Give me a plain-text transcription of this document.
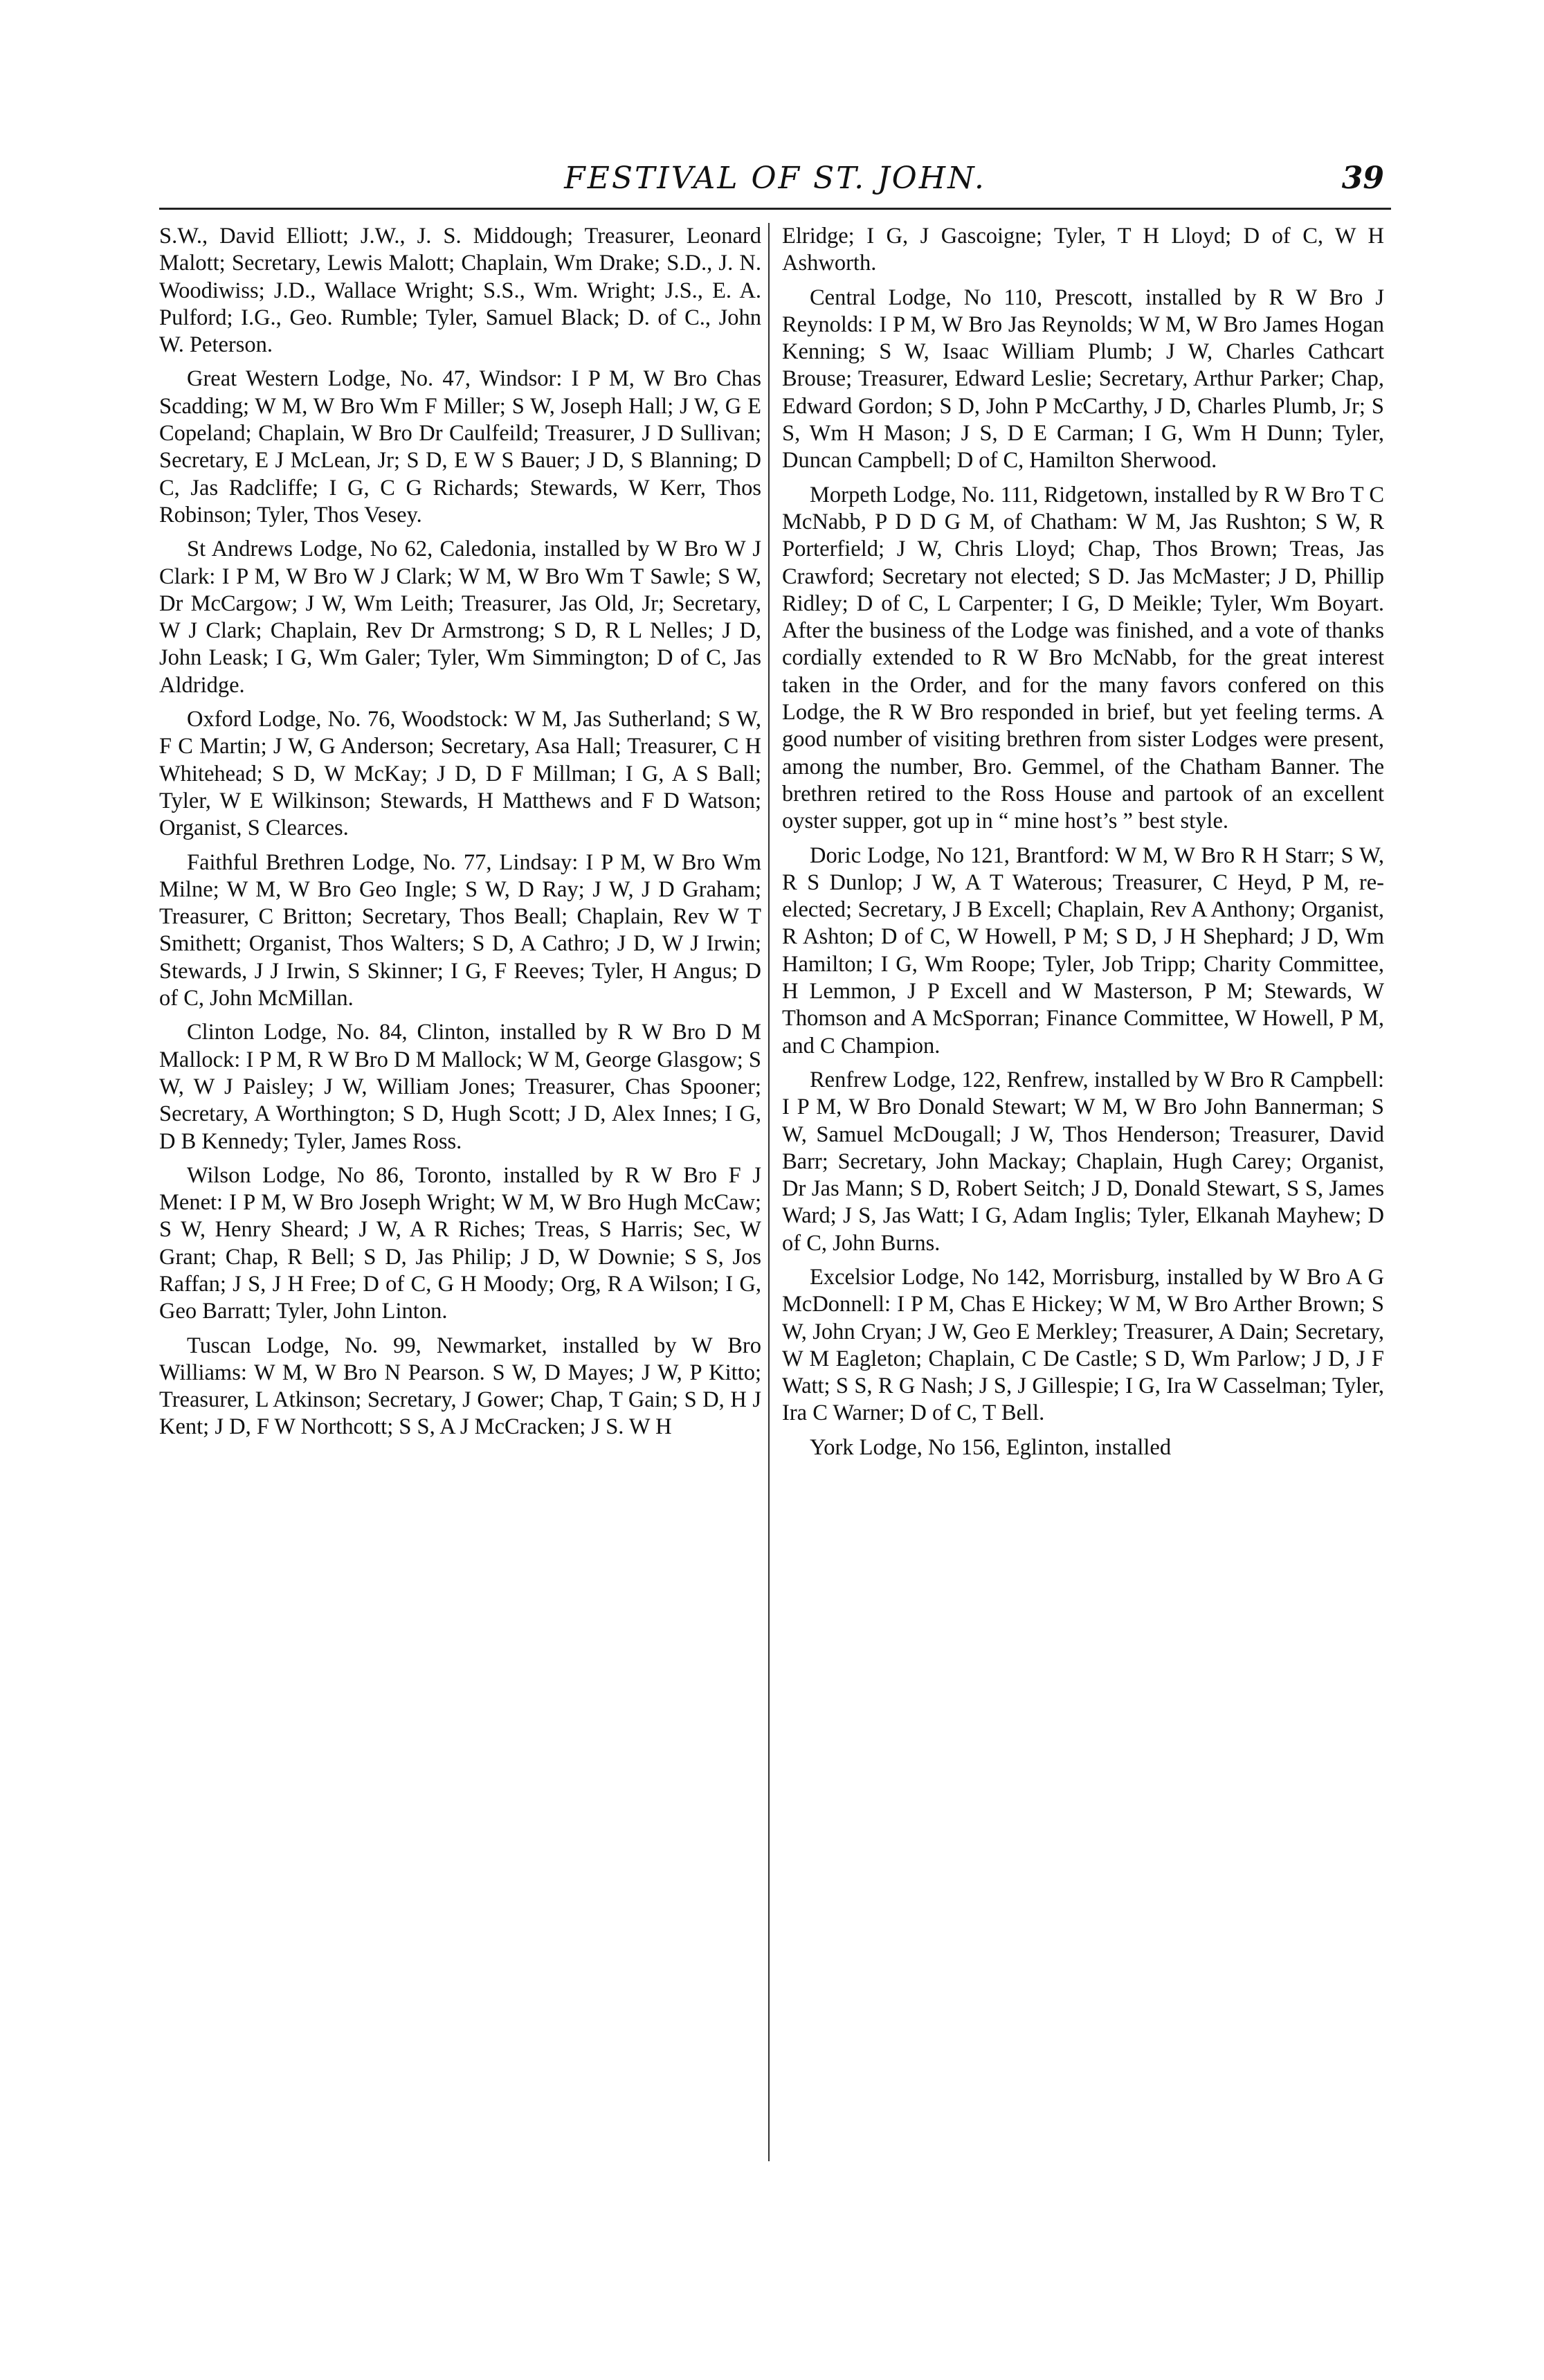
FESTIVAL OF ST. JOHN.	39

S.W., David Elliott; J.W., J. S. Middough; Treasurer, Leonard Malott; Secretary, Lewis Malott; Chaplain, Wm Drake; S.D., J. N. Woodiwiss; J.D., Wallace Wright; S.S., Wm. Wright; J.S., E. A. Pulford; I.G., Geo. Rumble; Tyler, Samuel Black; D. of C., John W. Peterson.

Great Western Lodge, No. 47, Windsor: I P M, W Bro Chas Scadding; W M, W Bro Wm F Miller; S W, Joseph Hall; J W, G E Copeland; Chaplain, W Bro Dr Caulfeild; Treasurer, J D Sullivan; Secretary, E J McLean, Jr; S D, E W S Bauer; J D, S Blanning; D C, Jas Radcliffe; I G, C G Richards; Stewards, W Kerr, Thos Robinson; Tyler, Thos Vesey.

St Andrews Lodge, No 62, Caledonia, installed by W Bro W J Clark: I P M, W Bro W J Clark; W M, W Bro Wm T Sawle; S W, Dr McCargow; J W, Wm Leith; Treasurer, Jas Old, Jr; Secretary, W J Clark; Chaplain, Rev Dr Armstrong; S D, R L Nelles; J D, John Leask; I G, Wm Galer; Tyler, Wm Simmington; D of C, Jas Aldridge.

Oxford Lodge, No. 76, Woodstock: W M, Jas Sutherland; S W, F C Martin; J W, G Anderson; Secretary, Asa Hall; Treasurer, C H Whitehead; S D, W McKay; J D, D F Millman; I G, A S Ball; Tyler, W E Wilkinson; Stewards, H Matthews and F D Watson; Organist, S Clearces.

Faithful Brethren Lodge, No. 77, Lindsay: I P M, W Bro Wm Milne; W M, W Bro Geo Ingle; S W, D Ray; J W, J D Graham; Treasurer, C Britton; Secretary, Thos Beall; Chaplain, Rev W T Smithett; Organist, Thos Walters; S D, A Cathro; J D, W J Irwin; Stewards, J J Irwin, S Skinner; I G, F Reeves; Tyler, H Angus; D of C, John McMillan.

Clinton Lodge, No. 84, Clinton, installed by R W Bro D M Mallock: I P M, R W Bro D M Mallock; W M, George Glasgow; S W, W J Paisley; J W, William Jones; Treasurer, Chas Spooner; Secretary, A Worthington; S D, Hugh Scott; J D, Alex Innes; I G, D B Kennedy; Tyler, James Ross.

Wilson Lodge, No 86, Toronto, installed by R W Bro F J Menet: I P M, W Bro Joseph Wright; W M, W Bro Hugh McCaw; S W, Henry Sheard; J W, A R Riches; Treas, S Harris; Sec, W Grant; Chap, R Bell; S D, Jas Philip; J D, W Downie; S S, Jos Raffan; J S, J H Free; D of C, G H Moody; Org, R A Wilson; I G, Geo Barratt; Tyler, John Linton.

Tuscan Lodge, No. 99, Newmarket, installed by W Bro Williams: W M, W Bro N Pearson. S W, D Mayes; J W, P Kitto; Treasurer, L Atkinson; Secretary, J Gower; Chap, T Gain; S D, H J Kent; J D, F W Northcott; S S, A J McCracken; J S. W H

Elridge; I G, J Gascoigne; Tyler, T H Lloyd; D of C, W H Ashworth.

Central Lodge, No 110, Prescott, installed by R W Bro J Reynolds: I P M, W Bro Jas Reynolds; W M, W Bro James Hogan Kenning; S W, Isaac William Plumb; J W, Charles Cathcart Brouse; Treasurer, Edward Leslie; Secretary, Arthur Parker; Chap, Edward Gordon; S D, John P McCarthy, J D, Charles Plumb, Jr; S S, Wm H Mason; J S, D E Carman; I G, Wm H Dunn; Tyler, Duncan Campbell; D of C, Hamilton Sherwood.

Morpeth Lodge, No. 111, Ridgetown, installed by R W Bro T C McNabb, P D D G M, of Chatham: W M, Jas Rushton; S W, R Porterfield; J W, Chris Lloyd; Chap, Thos Brown; Treas, Jas Crawford; Secretary not elected; S D. Jas McMaster; J D, Phillip Ridley; D of C, L Carpenter; I G, D Meikle; Tyler, Wm Boyart. After the business of the Lodge was finished, and a vote of thanks cordially extended to R W Bro McNabb, for the great interest taken in the Order, and for the many favors confered on this Lodge, the R W Bro responded in brief, but yet feeling terms. A good number of visiting brethren from sister Lodges were present, among the number, Bro. Gemmel, of the Chatham Banner. The brethren retired to the Ross House and partook of an excellent oyster supper, got up in “ mine host’s ” best style.

Doric Lodge, No 121, Brantford: W M, W Bro R H Starr; S W, R S Dunlop; J W, A T Waterous; Treasurer, C Heyd, P M, re-elected; Secretary, J B Excell; Chaplain, Rev A Anthony; Organist, R Ashton; D of C, W Howell, P M; S D, J H Shephard; J D, Wm Hamilton; I G, Wm Roope; Tyler, Job Tripp; Charity Committee, H Lemmon, J P Excell and W Masterson, P M; Stewards, W Thomson and A McSporran; Finance Committee, W Howell, P M, and C Champion.

Renfrew Lodge, 122, Renfrew, installed by W Bro R Campbell: I P M, W Bro Donald Stewart; W M, W Bro John Bannerman; S W, Samuel McDougall; J W, Thos Henderson; Treasurer, David Barr; Secretary, John Mackay; Chaplain, Hugh Carey; Organist, Dr Jas Mann; S D, Robert Seitch; J D, Donald Stewart, S S, James Ward; J S, Jas Watt; I G, Adam Inglis; Tyler, Elkanah Mayhew; D of C, John Burns.

Excelsior Lodge, No 142, Morrisburg, installed by W Bro A G McDonnell: I P M, Chas E Hickey; W M, W Bro Arther Brown; S W, John Cryan; J W, Geo E Merkley; Treasurer, A Dain; Secretary, W M Eagleton; Chaplain, C De Castle; S D, Wm Parlow; J D, J F Watt; S S, R G Nash; J S, J Gillespie; I G, Ira W Casselman; Tyler, Ira C Warner; D of C, T Bell.

York Lodge, No 156, Eglinton, installed
